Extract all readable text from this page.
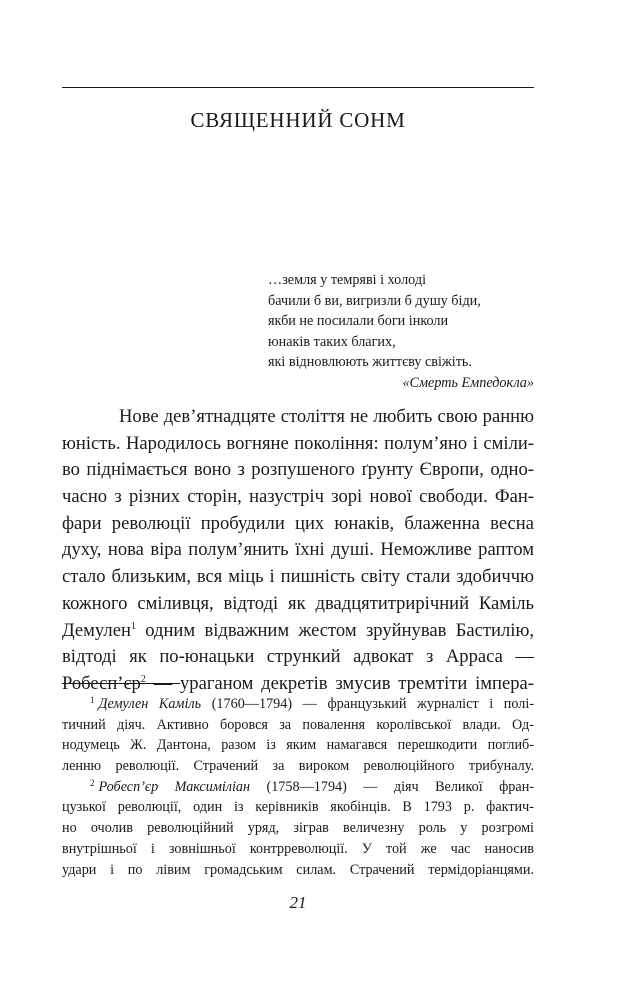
СВЯЩЕННИЙ СОНМ
…земля у темряві і холоді
бачили б ви, вигризли б душу біди,
якби не посилали боги інколи
юнаків таких благих,
які відновлюють життєву свіжіть.
«Смерть Емпедокла»
Нове дев’ятнадцяте століття не любить свою ранню
юність. Народилось вогняне покоління: полум’яно і сміли-
во піднімається воно з розпушеного ґрунту Європи, одно-
часно з різних сторін, назустріч зорі нової свободи. Фан-
фари революції пробудили цих юнаків, блаженна весна
духу, нова віра полум’янить їхні душі. Неможливе раптом
стало близьким, вся міць і пишність світу стали здобиччю
кожного сміливця, відтоді як двадцятитрирічний Каміль
Демулен$^1$ одним відважним жестом зруйнував Бастилію,
відтоді як по-юнацьки стрункий адвокат з Арраса —
$Робесп’єр^2$ — ураганом декретів змусив тремтіти імпера-
$^1$ Демулен Каміль (1760—1794) — французький журналіст і полі-
тичний діяч. Активно боровся за повалення королівської влади. Од-
нодумець Ж. Дантона, разом із яким намагався перешкодити поглиб-
ленню революції. Страчений за вироком революційного трибуналу.
$^2$ Робесп’єр Максиміліан (1758—1794) — діяч Великої фран-
цузької революції, один із керівників якобінців. В 1793 р. фактич-
но очолив революційний уряд, зіграв величезну роль у розгромі
внутрішньої і зовнішньої контрреволюції. У той же час наносив
удари і по лівим громадським силам. Страчений термідоріанцями.
21
